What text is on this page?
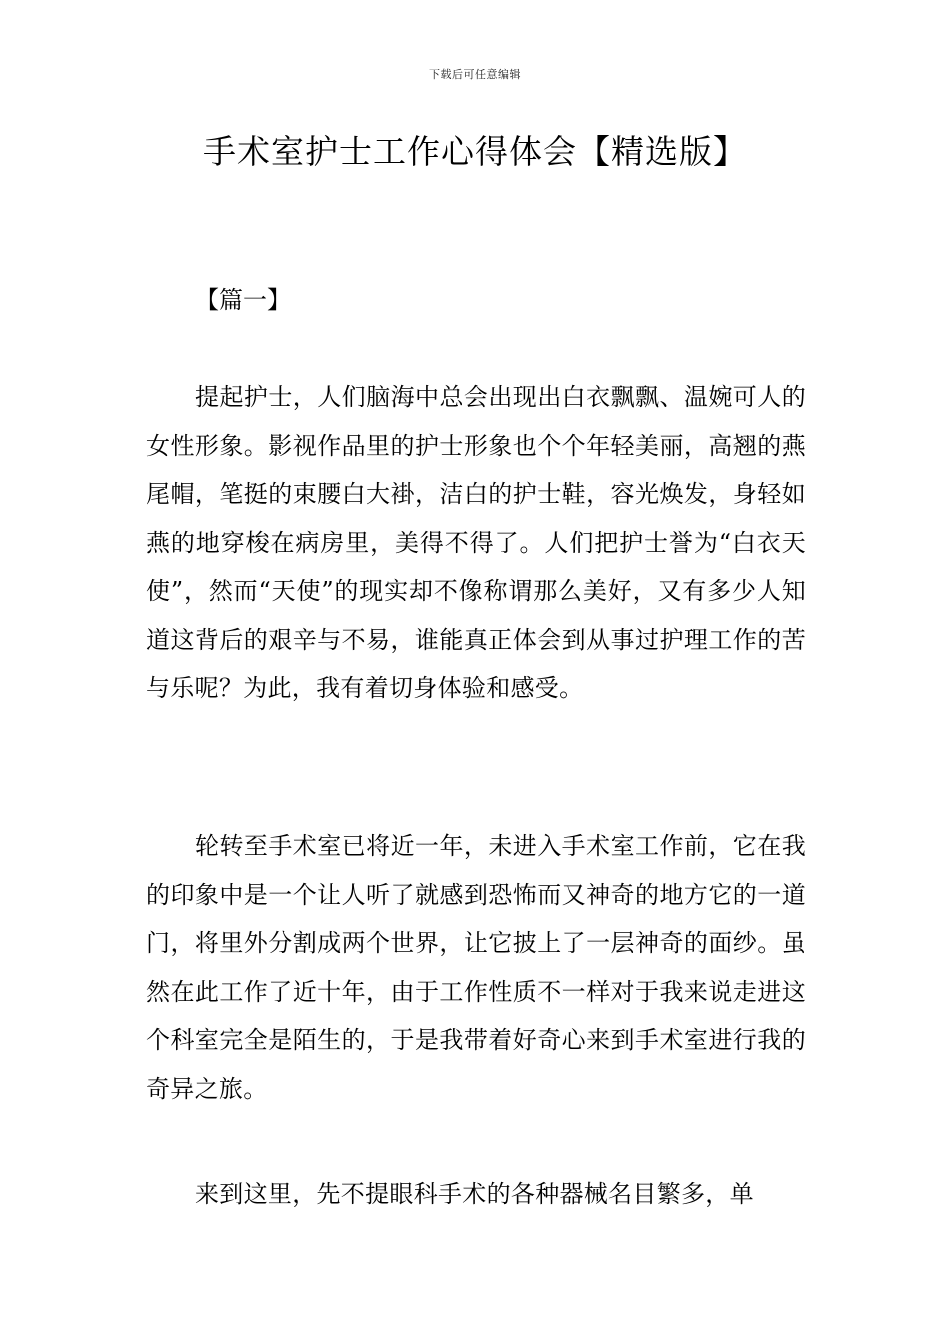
下载后可任意编辑
手术室护士工作心得体会【精选版】
【篇一】

提起护士，人们脑海中总会出现出白衣飘飘、温婉可人的女性形象。影视作品里的护士形象也个个年轻美丽，高翘的燕尾帽，笔挺的束腰白大褂，洁白的护士鞋，容光焕发，身轻如燕的地穿梭在病房里，美得不得了。人们把护士誉为“白衣天使”，然而“天使”的现实却不像称谓那么美好，又有多少人知道这背后的艰辛与不易，谁能真正体会到从事过护理工作的苦与乐呢？为此，我有着切身体验和感受。

轮转至手术室已将近一年，未进入手术室工作前，它在我的印象中是一个让人听了就感到恐怖而又神奇的地方它的一道门，将里外分割成两个世界，让它披上了一层神奇的面纱。虽然在此工作了近十年，由于工作性质不一样对于我来说走进这个科室完全是陌生的，于是我带着好奇心来到手术室进行我的奇异之旅。

来到这里，先不提眼科手术的各种器械名目繁多，单
